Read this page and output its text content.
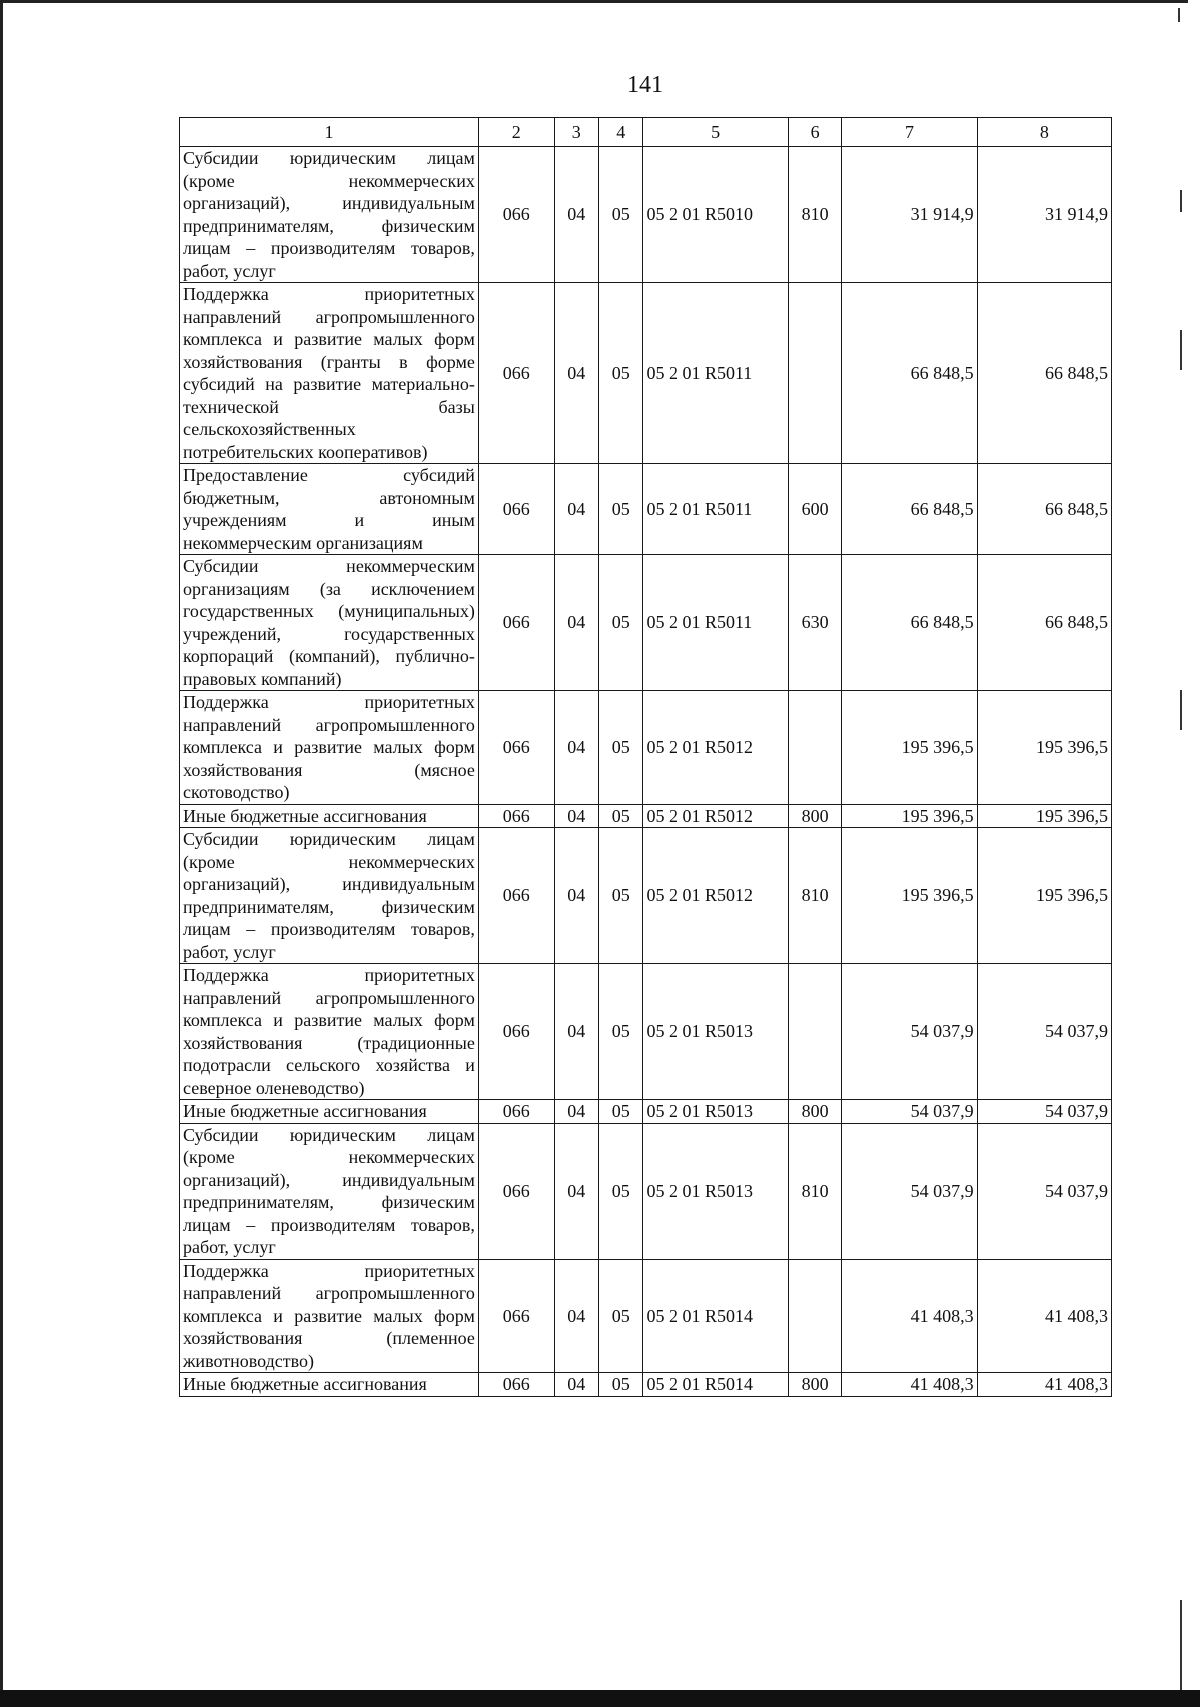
141
1	2	3	4	5	6	7	8
Субсидии юридическим лицам (кроме некоммерческих организаций), индивидуальным предпринимателям, физическим лицам – производителям товаров, работ, услуг	066	04	05	05 2 01 R5010	810	31 914,9	31 914,9
Поддержка приоритетных направлений агропромышленного комплекса и развитие малых форм хозяйствования (гранты в форме субсидий на развитие материально-технической базы сельскохозяйственных потребительских кооперативов)	066	04	05	05 2 01 R5011		66 848,5	66 848,5
Предоставление субсидий бюджетным, автономным учреждениям и иным некоммерческим организациям	066	04	05	05 2 01 R5011	600	66 848,5	66 848,5
Субсидии некоммерческим организациям (за исключением государственных (муниципальных) учреждений, государственных корпораций (компаний), публично-правовых компаний)	066	04	05	05 2 01 R5011	630	66 848,5	66 848,5
Поддержка приоритетных направлений агропромышленного комплекса и развитие малых форм хозяйствования (мясное скотоводство)	066	04	05	05 2 01 R5012		195 396,5	195 396,5
Иные бюджетные ассигнования	066	04	05	05 2 01 R5012	800	195 396,5	195 396,5
Субсидии юридическим лицам (кроме некоммерческих организаций), индивидуальным предпринимателям, физическим лицам – производителям товаров, работ, услуг	066	04	05	05 2 01 R5012	810	195 396,5	195 396,5
Поддержка приоритетных направлений агропромышленного комплекса и развитие малых форм хозяйствования (традиционные подотрасли сельского хозяйства и северное оленеводство)	066	04	05	05 2 01 R5013		54 037,9	54 037,9
Иные бюджетные ассигнования	066	04	05	05 2 01 R5013	800	54 037,9	54 037,9
Субсидии юридическим лицам (кроме некоммерческих организаций), индивидуальным предпринимателям, физическим лицам – производителям товаров, работ, услуг	066	04	05	05 2 01 R5013	810	54 037,9	54 037,9
Поддержка приоритетных направлений агропромышленного комплекса и развитие малых форм хозяйствования (племенное животноводство)	066	04	05	05 2 01 R5014		41 408,3	41 408,3
Иные бюджетные ассигнования	066	04	05	05 2 01 R5014	800	41 408,3	41 408,3
